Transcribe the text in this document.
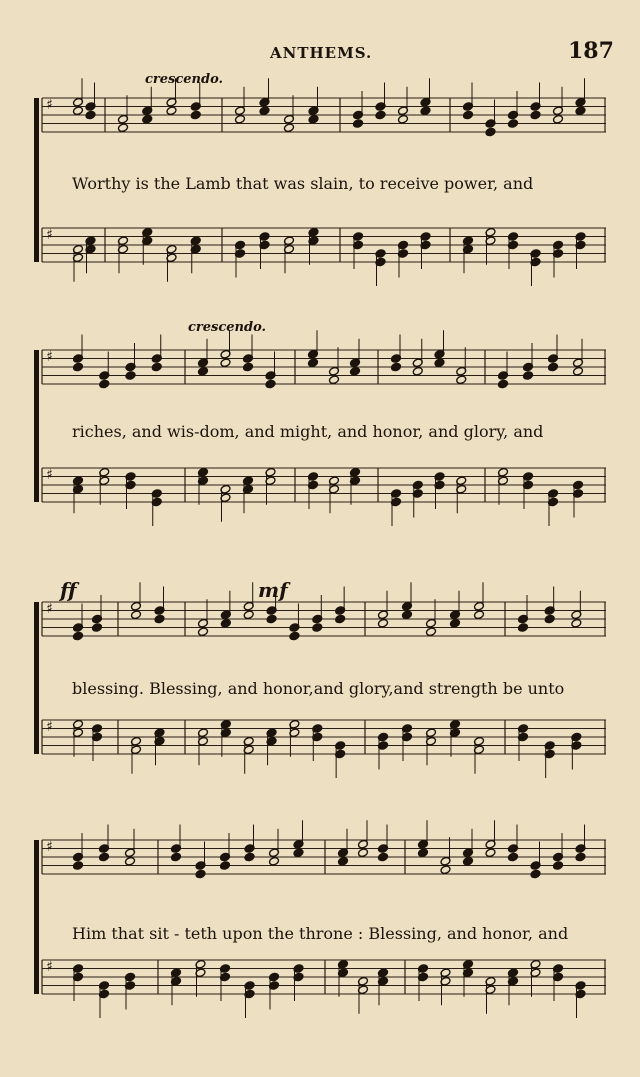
ANTHEMS.	187
crescendo.
♯
♯
Worthy is the Lamb that was slain, to receive power, and
crescendo.
♯
♯
riches, and wis-dom, and might, and honor, and glory, and
ff	mf
♯
♯
blessing. Blessing, and honor,and glory,and strength be unto
♯
♯
Him that sit - teth upon the throne : Blessing, and honor, and
